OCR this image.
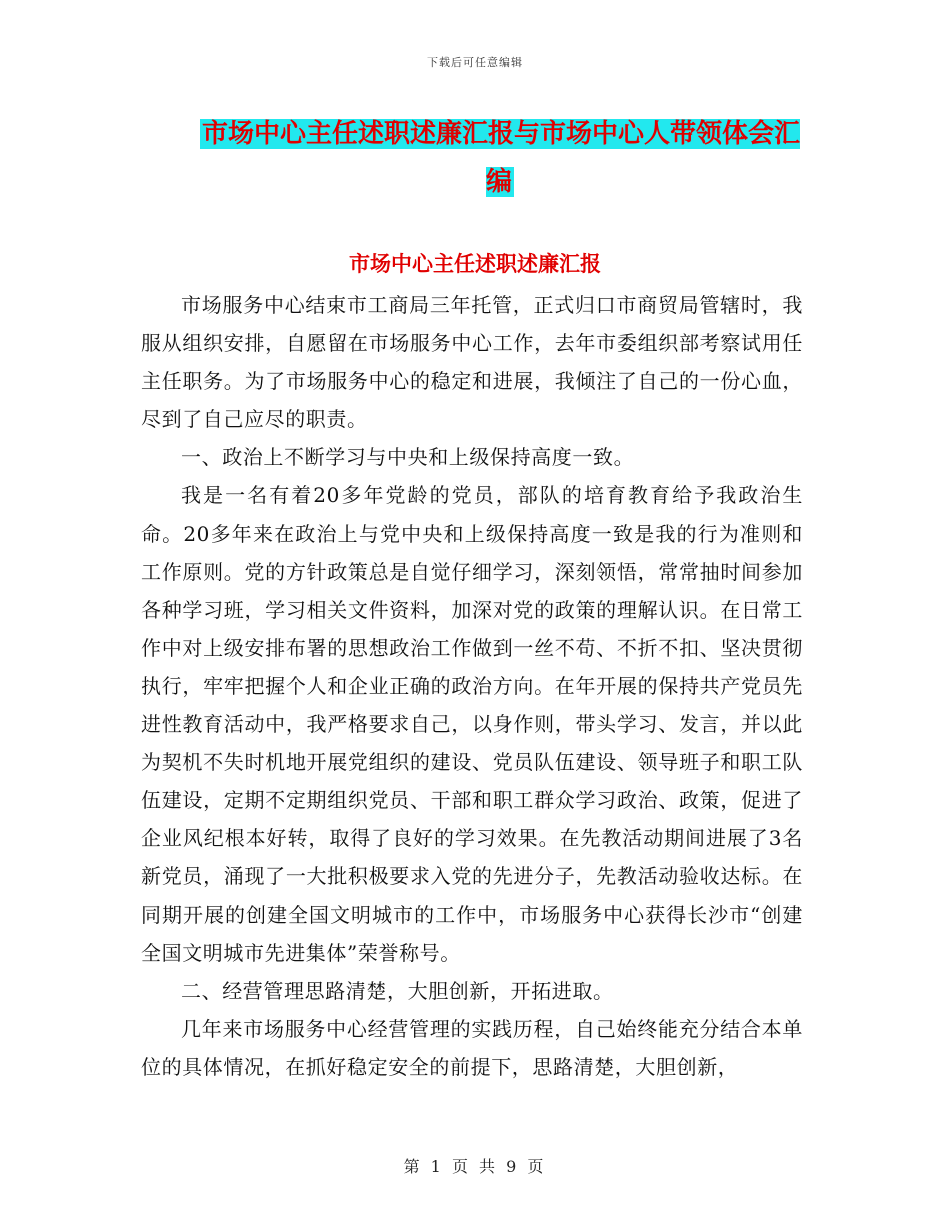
下载后可任意编辑
市场中心主任述职述廉汇报与市场中心人带领体会汇编
市场中心主任述职述廉汇报

市场服务中心结束市工商局三年托管，正式归口市商贸局管辖时，我服从组织安排，自愿留在市场服务中心工作，去年市委组织部考察试用任主任职务。为了市场服务中心的稳定和进展，我倾注了自己的一份心血，尽到了自己应尽的职责。

一、政治上不断学习与中央和上级保持高度一致。

我是一名有着20多年党龄的党员，部队的培育教育给予我政治生命。20多年来在政治上与党中央和上级保持高度一致是我的行为准则和工作原则。党的方针政策总是自觉仔细学习，深刻领悟，常常抽时间参加各种学习班，学习相关文件资料，加深对党的政策的理解认识。在日常工作中对上级安排布署的思想政治工作做到一丝不苟、不折不扣、坚决贯彻执行，牢牢把握个人和企业正确的政治方向。在年开展的保持共产党员先进性教育活动中，我严格要求自己，以身作则，带头学习、发言，并以此为契机不失时机地开展党组织的建设、党员队伍建设、领导班子和职工队伍建设，定期不定期组织党员、干部和职工群众学习政治、政策，促进了企业风纪根本好转，取得了良好的学习效果。在先教活动期间进展了3名新党员，涌现了一大批积极要求入党的先进分子，先教活动验收达标。在同期开展的创建全国文明城市的工作中，市场服务中心获得长沙市“创建全国文明城市先进集体”荣誉称号。

二、经营管理思路清楚，大胆创新，开拓进取。

几年来市场服务中心经营管理的实践历程，自己始终能充分结合本单位的具体情况，在抓好稳定安全的前提下，思路清楚，大胆创新，

第 1 页 共 9 页
